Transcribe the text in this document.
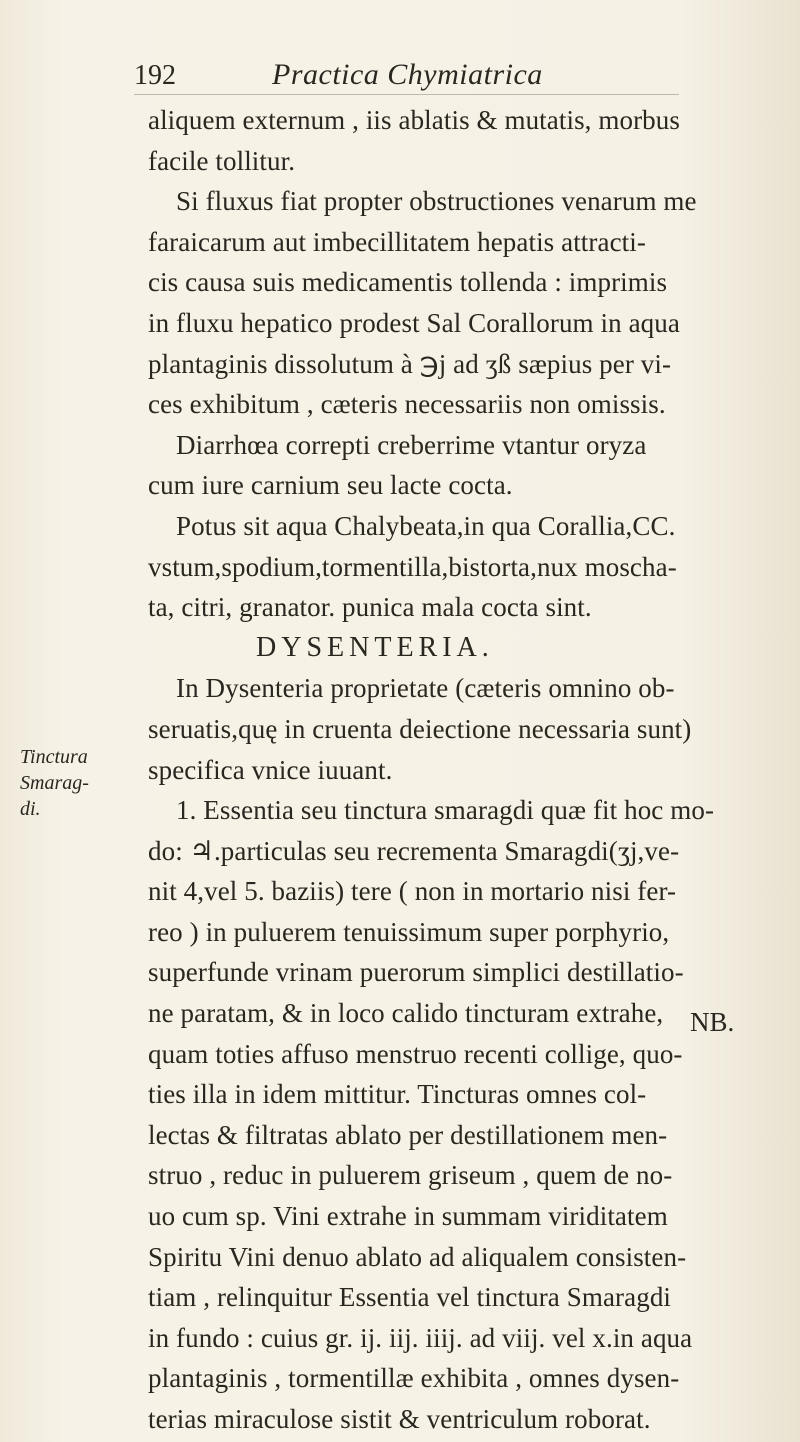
192	Practica Chymiatrica
Tinctura
Smarag-
di.
aliquem externum , iis ablatis & mutatis, morbus
facile tollitur.
Si fluxus fiat propter obstructiones venarum me
faraicarum aut imbecillitatem hepatis attracti-
cis causa suis medicamentis tollenda : imprimis
in fluxu hepatico prodest Sal Corallorum in aqua
plantaginis dissolutum à ℈j ad ʒß sæpius per vi-
ces exhibitum , cæteris necessariis non omissis.
Diarrhœa correpti creberrime vtantur oryza
cum iure carnium seu lacte cocta.
Potus sit aqua Chalybeata,in qua Corallia,CC.
vstum,spodium,tormentilla,bistorta,nux moscha-
ta, citri, granator. punica mala cocta sint.
DYSENTERIA.
In Dysenteria proprietate (cæteris omnino ob-
seruatis,quę in cruenta deiectione necessaria sunt)
specifica vnice iuuant.
1. Essentia seu tinctura smaragdi quæ fit hoc mo-
do: ♃.particulas seu recrementa Smaragdi(ʒj,ve-
nit 4,vel 5. baziis) tere ( non in mortario nisi fer-
reo ) in puluerem tenuissimum super porphyrio,
superfunde vrinam puerorum simplici destillatio-
ne paratam, & in loco calido tincturam extrahe,
quam toties affuso menstruo recenti collige, quo-
ties illa in idem mittitur. Tincturas omnes col-
lectas & filtratas ablato per destillationem men-
struo , reduc in puluerem griseum , quem de no-
uo cum sp. Vini extrahe in summam viriditatem
Spiritu Vini denuo ablato ad aliqualem consisten-
tiam , relinquitur Essentia vel tinctura Smaragdi
in fundo : cuius gr. ij. iij. iiij. ad viij. vel x.in aqua
plantaginis , tormentillæ exhibita , omnes dysen-
terias miraculose sistit & ventriculum roborat.
NB.
